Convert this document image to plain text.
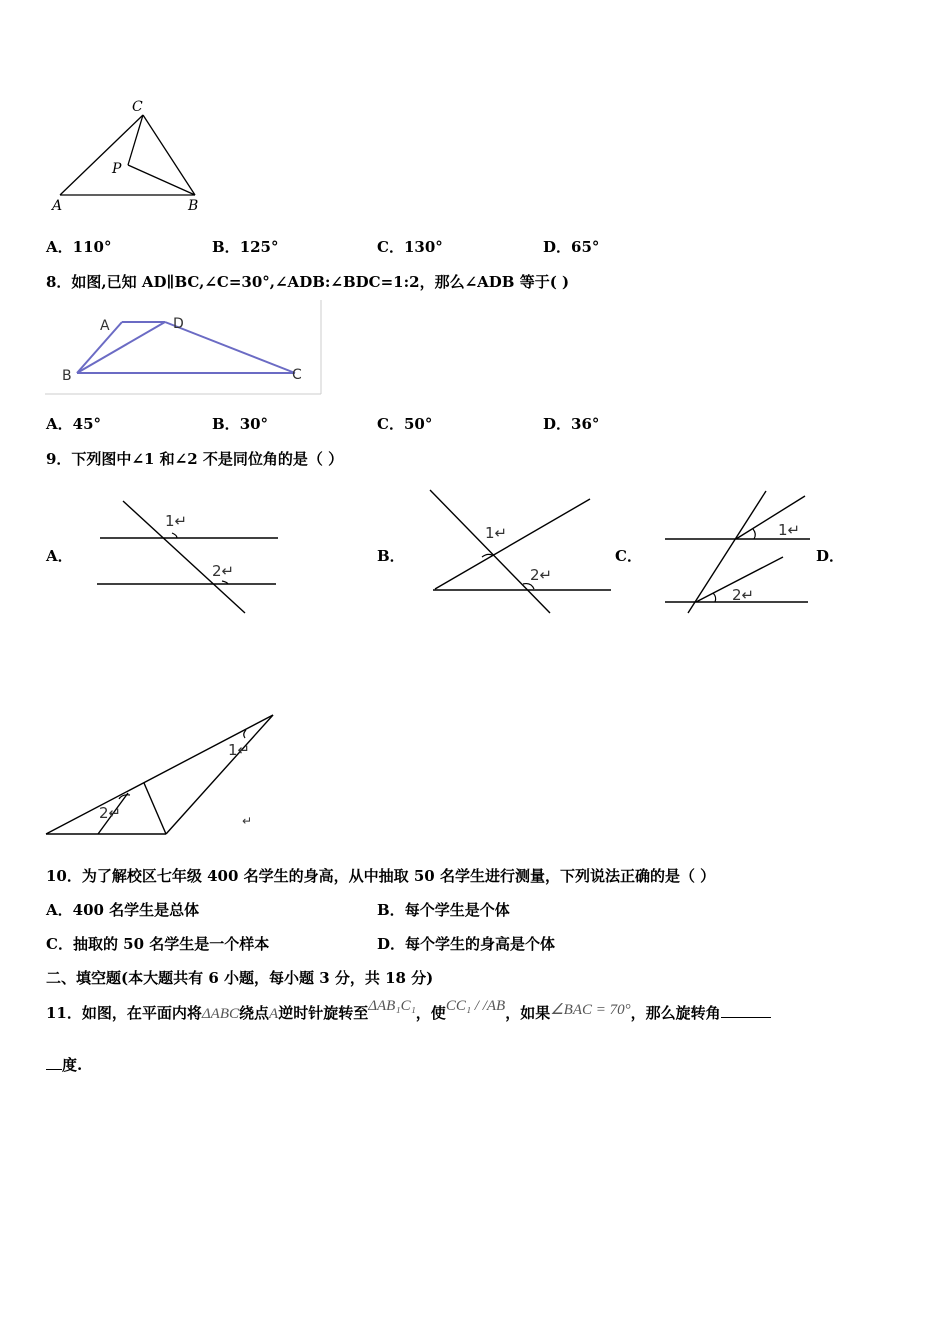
C
P
A	B
A．110°	B．125°	C．130°	D．65°
8．如图,已知 AD∥BC,∠C=30°,∠ADB:∠BDC=1:2，那么∠ADB 等于( )
A	D
B	C
A．45°	B．30°	C．50°	D．36°
9．下列图中∠1 和∠2 不是同位角的是（ ）
A．	B．	C．	D．
1↵
2↵
1↵
2↵
1↵
2↵
1↵
2↵	↵
10．为了解校区七年级 400 名学生的身高，从中抽取 50 名学生进行测量，下列说法正确的是（ ）
A．400 名学生是总体	B．每个学生是个体
C．抽取的 50 名学生是一个样本	D．每个学生的身高是个体
二、填空题(本大题共有 6 小题，每小题 3 分，共 18 分)
11．如图，在平面内将ΔABC绕点A逆时针旋转至ΔAB₁C₁，使CC₁ / /AB，如果∠BAC = 70°，那么旋转角
度.
